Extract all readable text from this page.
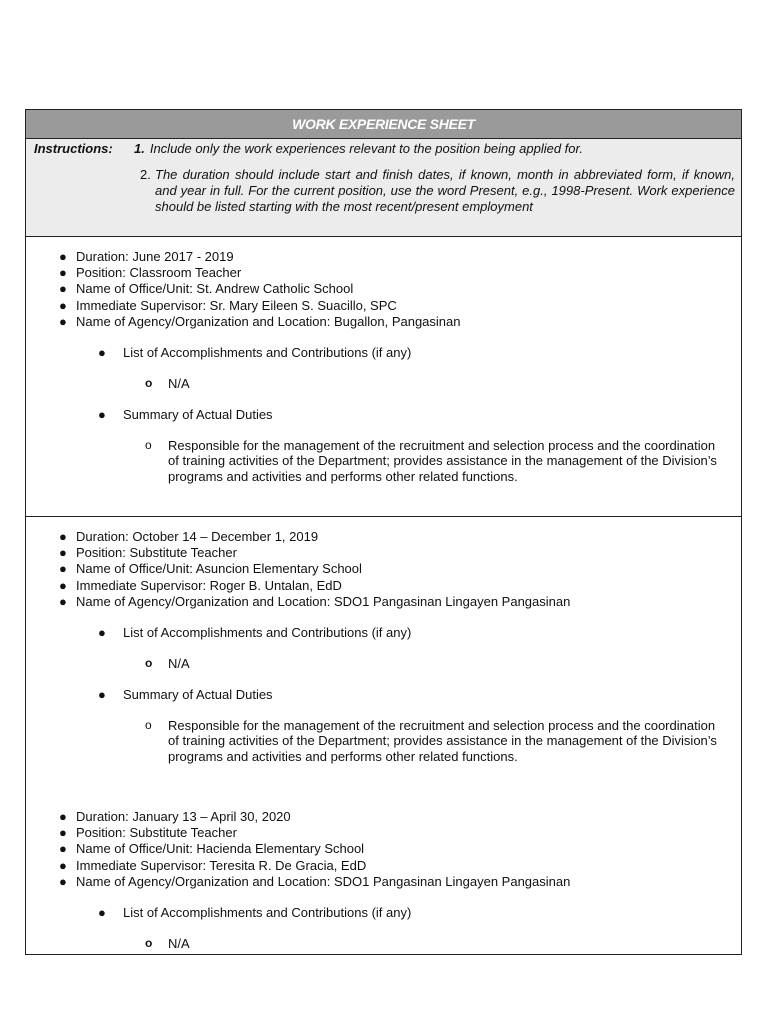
WORK EXPERIENCE SHEET
Instructions:	1. Include only the work experiences relevant to the position being applied for.
2. The duration should include start and finish dates, if known, month in abbreviated form, if known, and year in full. For the current position, use the word Present, e.g., 1998-Present. Work experience should be listed starting with the most recent/present employment
● Duration: June 2017 - 2019
● Position: Classroom Teacher
● Name of Office/Unit: St. Andrew Catholic School
● Immediate Supervisor: Sr. Mary Eileen S. Suacillo, SPC
● Name of Agency/Organization and Location: Bugallon, Pangasinan
● List of Accomplishments and Contributions (if any)
o N/A
● Summary of Actual Duties
o Responsible for the management of the recruitment and selection process and the coordination of training activities of the Department; provides assistance in the management of the Division’s programs and activities and performs other related functions.
● Duration: October 14 – December 1, 2019
● Position: Substitute Teacher
● Name of Office/Unit: Asuncion Elementary School
● Immediate Supervisor: Roger B. Untalan, EdD
● Name of Agency/Organization and Location: SDO1 Pangasinan Lingayen Pangasinan
● List of Accomplishments and Contributions (if any)
o N/A
● Summary of Actual Duties
o Responsible for the management of the recruitment and selection process and the coordination of training activities of the Department; provides assistance in the management of the Division’s programs and activities and performs other related functions.
● Duration: January 13 – April 30, 2020
● Position: Substitute Teacher
● Name of Office/Unit: Hacienda Elementary School
● Immediate Supervisor: Teresita R. De Gracia, EdD
● Name of Agency/Organization and Location: SDO1 Pangasinan Lingayen Pangasinan
● List of Accomplishments and Contributions (if any)
o N/A
